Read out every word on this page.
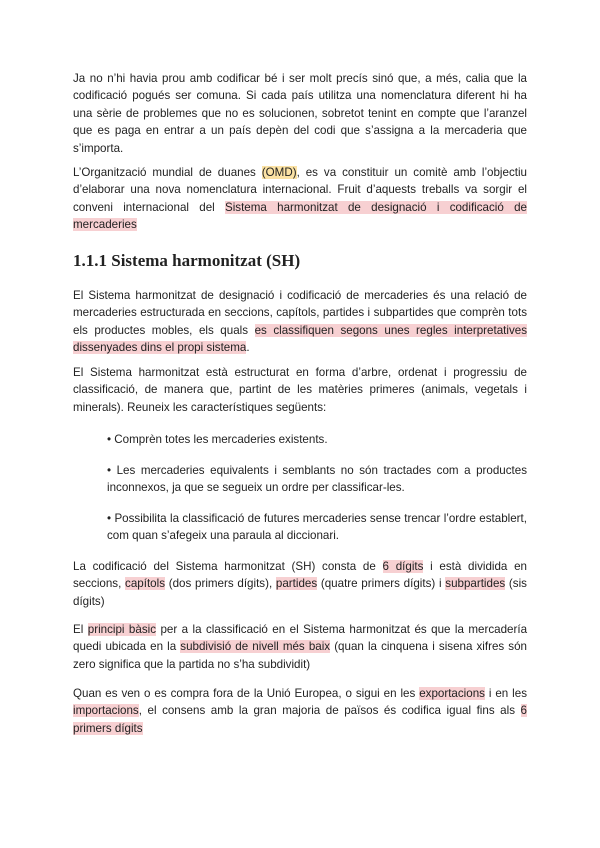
Ja no n’hi havia prou amb codificar bé i ser molt precís sinó que, a més, calia que la codificació pogués ser comuna. Si cada país utilitza una nomenclatura diferent hi ha una sèrie de problemes que no es solucionen, sobretot tenint en compte que l’aranzel que es paga en entrar a un país depèn del codi que s’assigna a la mercaderia que s’importa.

L’Organització mundial de duanes (OMD), es va constituir un comitè amb l’objectiu d’elaborar una nova nomenclatura internacional. Fruit d’aquests treballs va sorgir el conveni internacional del Sistema harmonitzat de designació i codificació de mercaderies

1.1.1 Sistema harmonitzat (SH)

El Sistema harmonitzat de designació i codificació de mercaderies és una relació de mercaderies estructurada en seccions, capítols, partides i subpartides que comprèn tots els productes mobles, els quals es classifiquen segons unes regles interpretatives dissenyades dins el propi sistema.

El Sistema harmonitzat està estructurat en forma d’arbre, ordenat i progressiu de classificació, de manera que, partint de les matèries primeres (animals, vegetals i minerals). Reuneix les característiques següents:

• Comprèn totes les mercaderies existents.

• Les mercaderies equivalents i semblants no són tractades com a productes inconnexos, ja que se segueix un ordre per classificar-les.

• Possibilita la classificació de futures mercaderies sense trencar l’ordre establert, com quan s’afegeix una paraula al diccionari.

La codificació del Sistema harmonitzat (SH) consta de 6 dígits i està dividida en seccions, capítols (dos primers dígits), partides (quatre primers dígits) i subpartides (sis dígits)

El principi bàsic per a la classificació en el Sistema harmonitzat és que la mercadería quedi ubicada en la subdivisió de nivell més baix (quan la cinquena i sisena xifres són zero significa que la partida no s’ha subdividit)

Quan es ven o es compra fora de la Unió Europea, o sigui en les exportacions i en les importacions, el consens amb la gran majoria de països és codifica igual fins als 6 primers dígits
